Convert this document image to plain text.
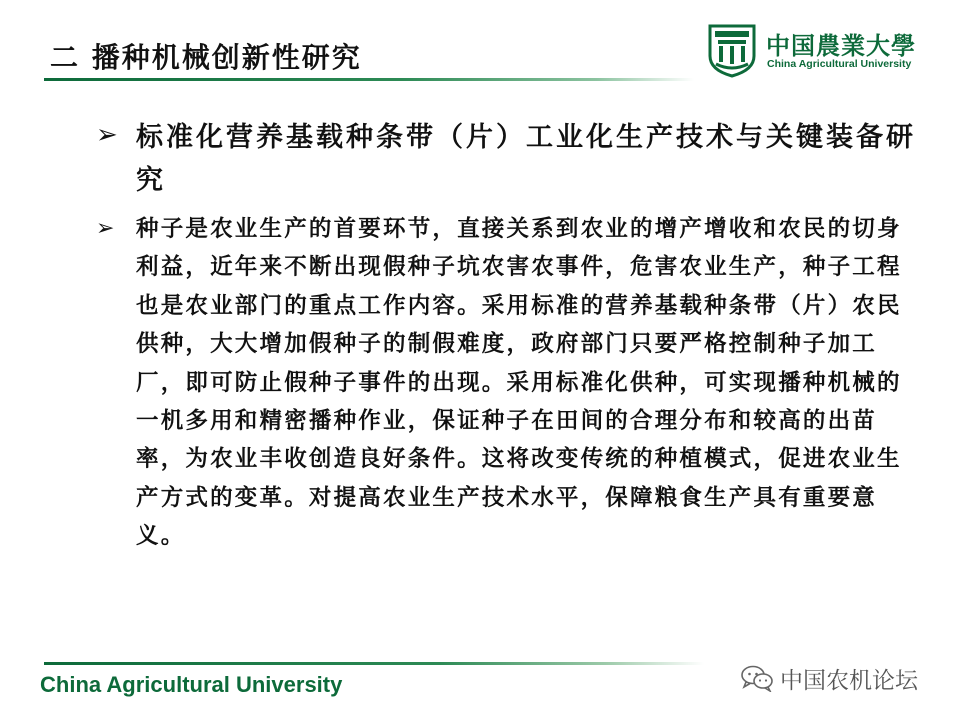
二 播种机械创新性研究	中国農業大學
China Agricultural University
➢ 标准化营养基载种条带（片）工业化生产技术与关键装备研究
➢ 种子是农业生产的首要环节，直接关系到农业的增产增收和农民的切身利益，近年来不断出现假种子坑农害农事件，危害农业生产，种子工程也是农业部门的重点工作内容。采用标准的营养基载种条带（片）农民供种，大大增加假种子的制假难度，政府部门只要严格控制种子加工厂，即可防止假种子事件的出现。采用标准化供种，可实现播种机械的一机多用和精密播种作业，保证种子在田间的合理分布和较高的出苗率，为农业丰收创造良好条件。这将改变传统的种植模式，促进农业生产方式的变革。对提高农业生产技术水平，保障粮食生产具有重要意义。
China Agricultural University	中国农机论坛
